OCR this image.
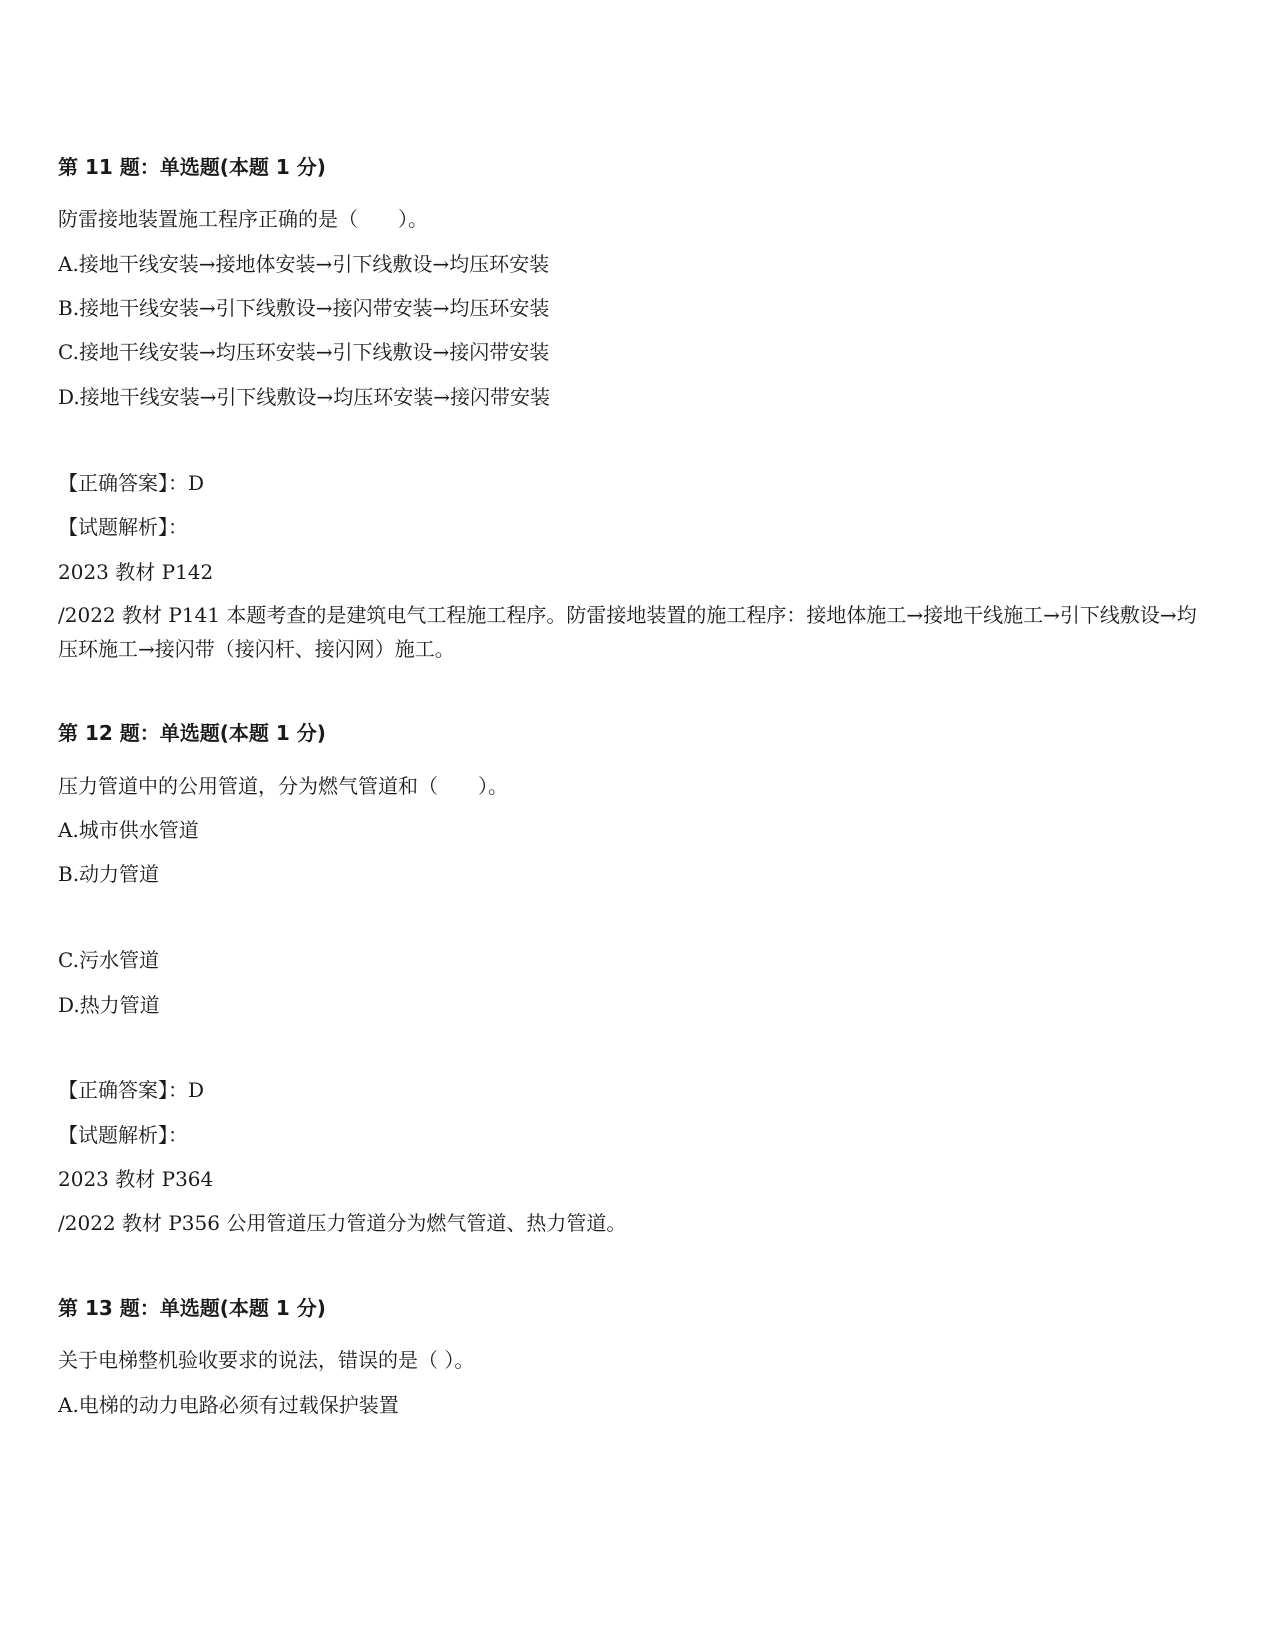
第 11 题：单选题(本题 1 分)

防雷接地装置施工程序正确的是（　　）。

A.接地干线安装→接地体安装→引下线敷设→均压环安装

B.接地干线安装→引下线敷设→接闪带安装→均压环安装

C.接地干线安装→均压环安装→引下线敷设→接闪带安装

D.接地干线安装→引下线敷设→均压环安装→接闪带安装

【正确答案】：D

【试题解析】：

2023 教材 P142

/2022 教材 P141 本题考查的是建筑电气工程施工程序。防雷接地装置的施工程序：接地体施工→接地干线施工→引下线敷设→均压环施工→接闪带（接闪杆、接闪网）施工。

第 12 题：单选题(本题 1 分)

压力管道中的公用管道，分为燃气管道和（　　）。

A.城市供水管道

B.动力管道

C.污水管道

D.热力管道

【正确答案】：D

【试题解析】：

2023 教材 P364

/2022 教材 P356 公用管道压力管道分为燃气管道、热力管道。

第 13 题：单选题(本题 1 分)

关于电梯整机验收要求的说法，错误的是（ ）。

A.电梯的动力电路必须有过载保护装置
